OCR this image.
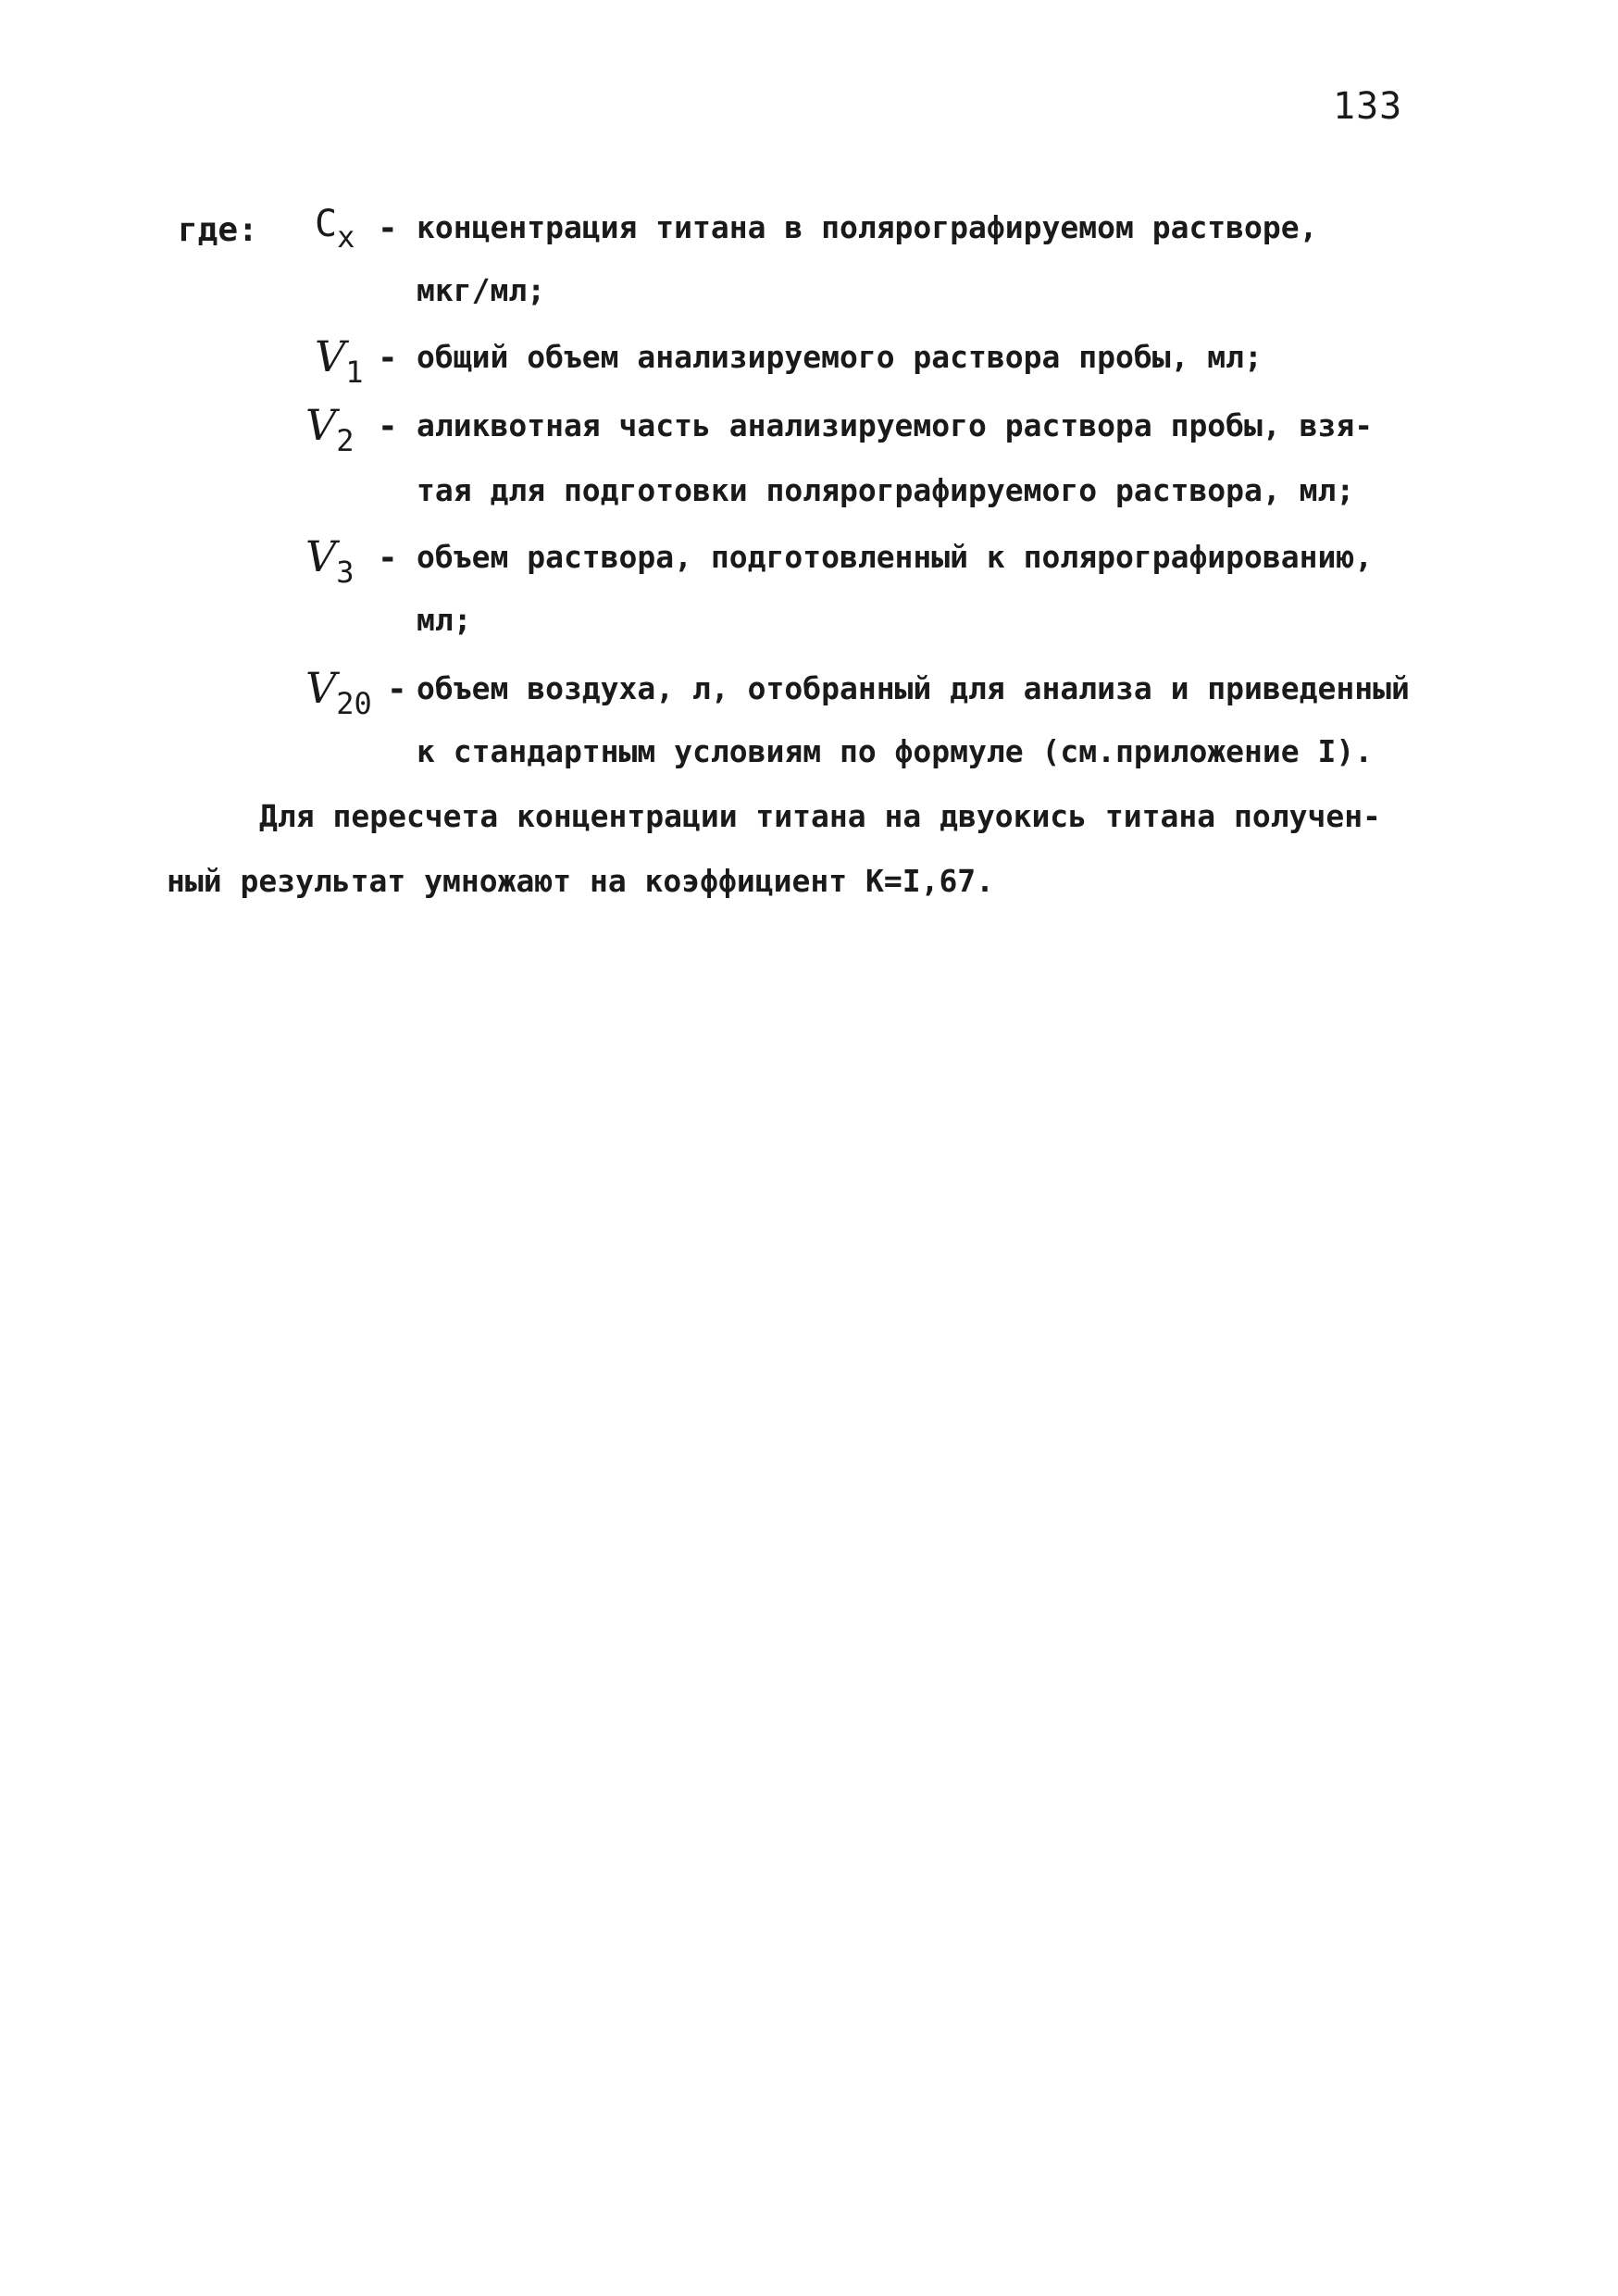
133
где: $C_x$ - концентрация титана в полярографируемом растворе,
мкг/мл;
$V_1$ - общий объем анализируемого раствора пробы, мл;
$V_2$ - аликвотная часть анализируемого раствора пробы, взя-
тая для подготовки полярографируемого раствора, мл;
$V_3$ - объем раствора, подготовленный к полярографированию,
мл;
$V_{20}$ - объем воздуха, л, отобранный для анализа и приведенный
к стандартным условиям по формуле (см.приложение I).
Для пересчета концентрации титана на двуокись титана получен-
ный результат умножают на коэффициент К=I,67.
